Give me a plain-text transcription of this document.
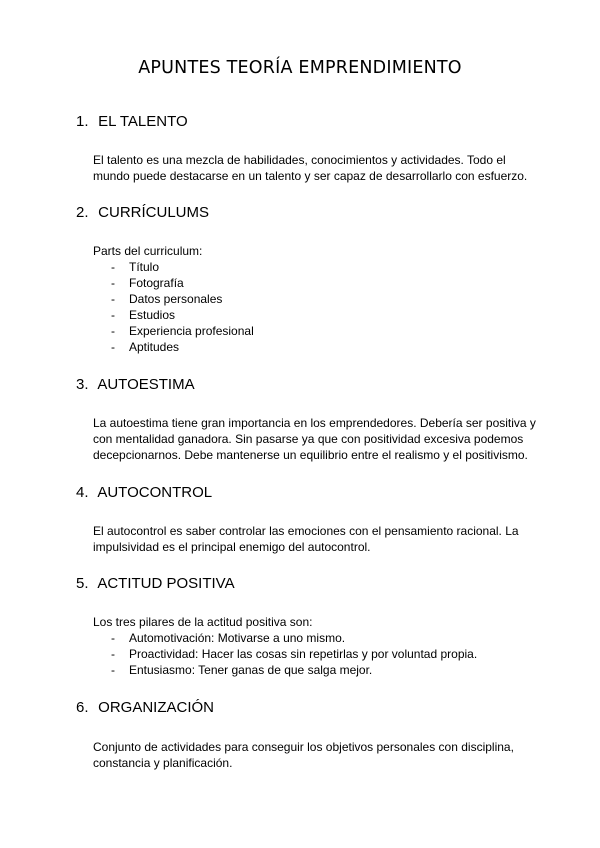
APUNTES TEORÍA EMPRENDIMIENTO
1. EL TALENTO

El talento es una mezcla de habilidades, conocimientos y actividades. Todo el

mundo puede destacarse en un talento y ser capaz de desarrollarlo con esfuerzo.

2. CURRÍCULUMS

Parts del curriculum:

- Título
- Fotografía
- Datos personales
- Estudios
- Experiencia profesional
- Aptitudes
3. AUTOESTIMA

La autoestima tiene gran importancia en los emprendedores. Debería ser positiva y

con mentalidad ganadora. Sin pasarse ya que con positividad excesiva podemos

decepcionarnos. Debe mantenerse un equilibrio entre el realismo y el positivismo.

4. AUTOCONTROL

El autocontrol es saber controlar las emociones con el pensamiento racional. La

impulsividad es el principal enemigo del autocontrol.

5. ACTITUD POSITIVA

Los tres pilares de la actitud positiva son:

- Automotivación: Motivarse a uno mismo.
- Proactividad: Hacer las cosas sin repetirlas y por voluntad propia.
- Entusiasmo: Tener ganas de que salga mejor.
6. ORGANIZACIÓN

Conjunto de actividades para conseguir los objetivos personales con disciplina,

constancia y planificación.
